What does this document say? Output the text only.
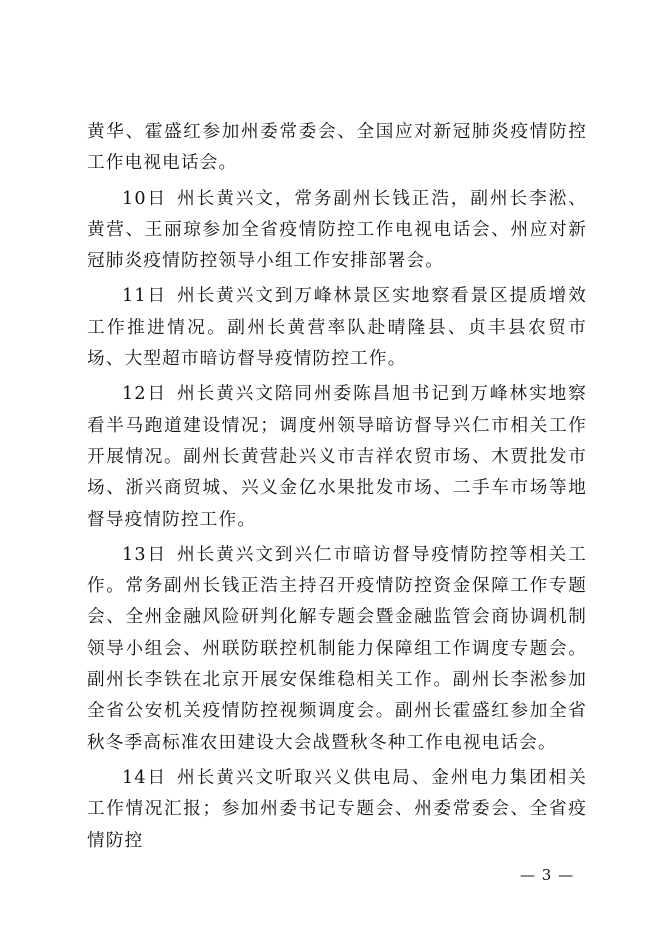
黄华、霍盛红参加州委常委会、全国应对新冠肺炎疫情防控工作电视电话会。

10日 州长黄兴文，常务副州长钱正浩，副州长李淞、黄营、王丽琼参加全省疫情防控工作电视电话会、州应对新冠肺炎疫情防控领导小组工作安排部署会。

11日 州长黄兴文到万峰林景区实地察看景区提质增效工作推进情况。副州长黄营率队赴晴隆县、贞丰县农贸市场、大型超市暗访督导疫情防控工作。

12日 州长黄兴文陪同州委陈昌旭书记到万峰林实地察看半马跑道建设情况；调度州领导暗访督导兴仁市相关工作开展情况。副州长黄营赴兴义市吉祥农贸市场、木贾批发市场、浙兴商贸城、兴义金亿水果批发市场、二手车市场等地督导疫情防控工作。

13日 州长黄兴文到兴仁市暗访督导疫情防控等相关工作。常务副州长钱正浩主持召开疫情防控资金保障工作专题会、全州金融风险研判化解专题会暨金融监管会商协调机制领导小组会、州联防联控机制能力保障组工作调度专题会。副州长李铁在北京开展安保维稳相关工作。副州长李淞参加全省公安机关疫情防控视频调度会。副州长霍盛红参加全省秋冬季高标准农田建设大会战暨秋冬种工作电视电话会。

14日 州长黄兴文听取兴义供电局、金州电力集团相关工作情况汇报；参加州委书记专题会、州委常委会、全省疫情防控

— 3 —
